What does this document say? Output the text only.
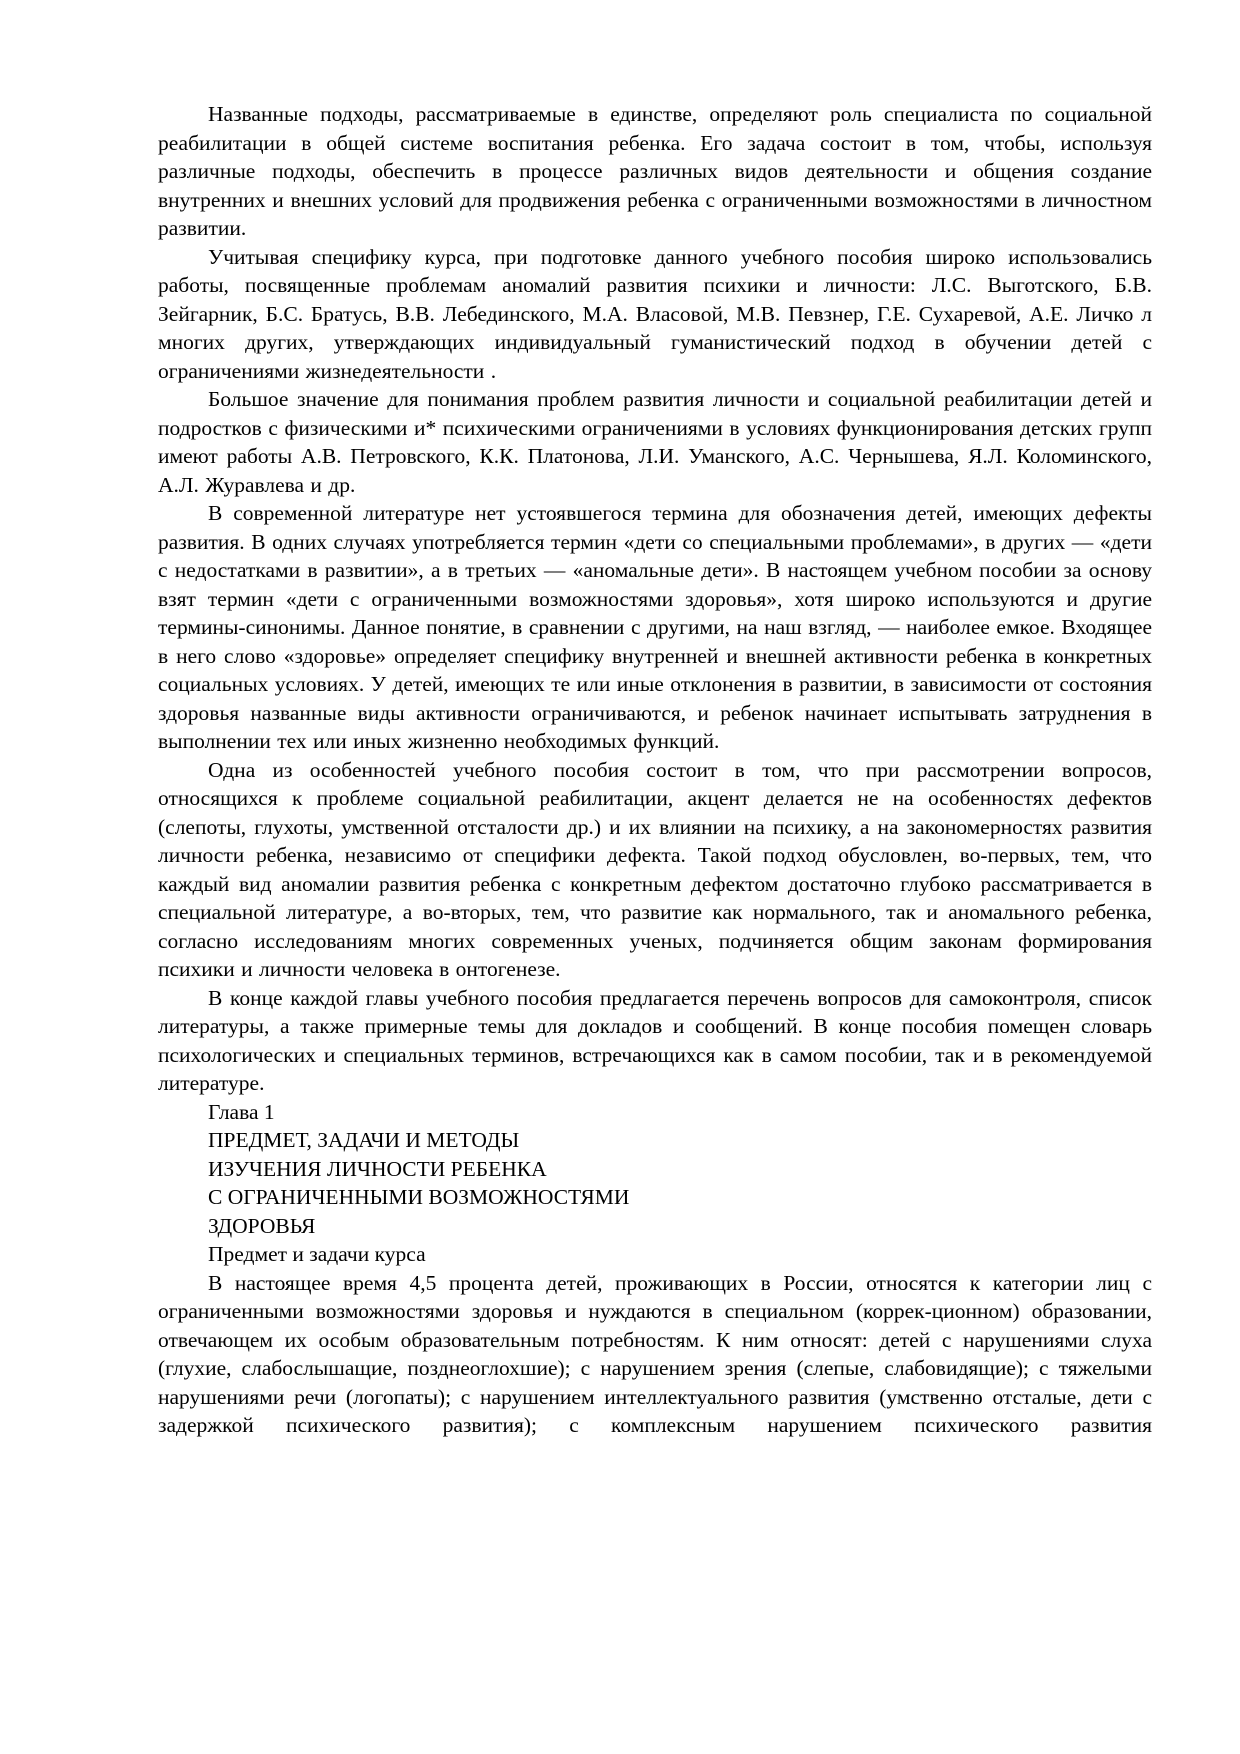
Названные подходы, рассматриваемые в единстве, определяют роль специалиста по социальной реабилитации в общей системе воспитания ребенка. Его задача состоит в том, чтобы, используя различные подходы, обеспечить в процессе различных видов деятельности и общения создание внутренних и внешних условий для продвижения ребенка с ограниченными возможностями в личностном развитии.

Учитывая специфику курса, при подготовке данного учебного пособия широко использовались работы, посвященные проблемам аномалий развития психики и личности: Л.С. Выготского, Б.В. Зейгарник, Б.С. Братусь, В.В. Лебединского, М.А. Власовой, М.В. Певзнер, Г.Е. Сухаревой, А.Е. Личко л многих других, утверждающих индивидуальный гуманистический подход в обучении детей с ограничениями жизнедеятельности .

Большое значение для понимания проблем развития личности и социальной реабилитации детей и подростков с физическими и* психическими ограничениями в условиях функционирования детских групп имеют работы А.В. Петровского, К.К. Платонова, Л.И. Уманского, А.С. Чернышева, Я.Л. Коломинского, А.Л. Журавлева и др.

В современной литературе нет устоявшегося термина для обозначения детей, имеющих дефекты развития. В одних случаях употребляется термин «дети со специальными проблемами», в других — «дети с недостатками в развитии», а в третьих — «аномальные дети». В настоящем учебном пособии за основу взят термин «дети с ограниченными возможностями здоровья», хотя широко используются и другие термины-синонимы. Данное понятие, в сравнении с другими, на наш взгляд, — наиболее емкое. Входящее в него слово «здоровье» определяет специфику внутренней и внешней активности ребенка в конкретных социальных условиях. У детей, имеющих те или иные отклонения в развитии, в зависимости от состояния здоровья названные виды активности ограничиваются, и ребенок начинает испытывать затруднения в выполнении тех или иных жизненно необходимых функций.

Одна из особенностей учебного пособия состоит в том, что при рассмотрении вопросов, относящихся к проблеме социальной реабилитации, акцент делается не на особенностях дефектов (слепоты, глухоты, умственной отсталости др.) и их влиянии на психику, а на закономерностях развития личности ребенка, независимо от специфики дефекта. Такой подход обусловлен, во-первых, тем, что каждый вид аномалии развития ребенка с конкретным дефектом достаточно глубоко рассматривается в специальной литературе, а во-вторых, тем, что развитие как нормального, так и аномального ребенка, согласно исследованиям многих современных ученых, подчиняется общим законам формирования психики и личности человека в онтогенезе.

В конце каждой главы учебного пособия предлагается перечень вопросов для самоконтроля, список литературы, а также примерные темы для докладов и сообщений. В конце пособия помещен словарь психологических и специальных терминов, встречающихся как в самом пособии, так и в рекомендуемой литературе.

Глава 1
ПРЕДМЕТ, ЗАДАЧИ И МЕТОДЫ
ИЗУЧЕНИЯ ЛИЧНОСТИ РЕБЕНКА
С ОГРАНИЧЕННЫМИ ВОЗМОЖНОСТЯМИ
ЗДОРОВЬЯ
Предмет и задачи курса

В настоящее время 4,5 процента детей, проживающих в России, относятся к категории лиц с ограниченными возможностями здоровья и нуждаются в специальном (коррек-ционном) образовании, отвечающем их особым образовательным потребностям. К ним относят: детей с нарушениями слуха (глухие, слабослышащие, позднеоглохшие); с нарушением зрения (слепые, слабовидящие); с тяжелыми нарушениями речи (логопаты); с нарушением интеллектуального развития (умственно отсталые, дети с задержкой психического развития); с комплексным нарушением психического развития
